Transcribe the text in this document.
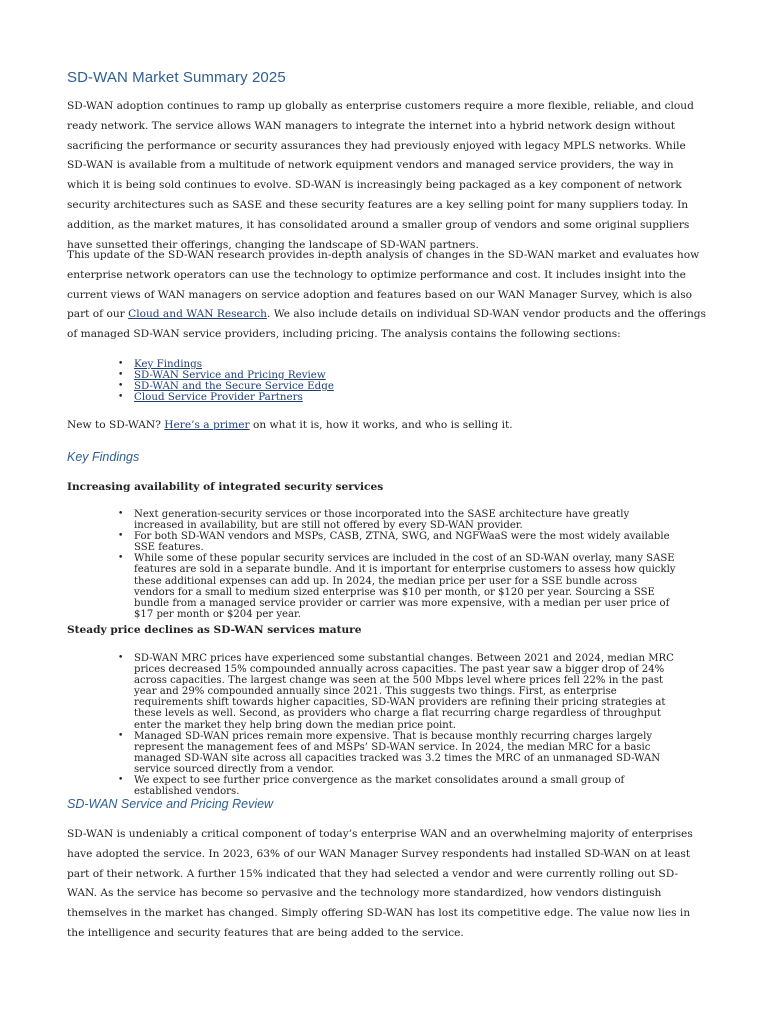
SD-WAN Market Summary 2025

SD-WAN adoption continues to ramp up globally as enterprise customers require a more flexible, reliable, and cloud ready network. The service allows WAN managers to integrate the internet into a hybrid network design without sacrificing the performance or security assurances they had previously enjoyed with legacy MPLS networks. While SD-WAN is available from a multitude of network equipment vendors and managed service providers, the way in which it is being sold continues to evolve. SD-WAN is increasingly being packaged as a key component of network security architectures such as SASE and these security features are a key selling point for many suppliers today. In addition, as the market matures, it has consolidated around a smaller group of vendors and some original suppliers have sunsetted their offerings, changing the landscape of SD-WAN partners.

This update of the SD-WAN research provides in-depth analysis of changes in the SD-WAN market and evaluates how enterprise network operators can use the technology to optimize performance and cost. It includes insight into the current views of WAN managers on service adoption and features based on our WAN Manager Survey, which is also part of our Cloud and WAN Research. We also include details on individual SD-WAN vendor products and the offerings of managed SD-WAN service providers, including pricing. The analysis contains the following sections:

• Key Findings
• SD-WAN Service and Pricing Review
• SD-WAN and the Secure Service Edge
• Cloud Service Provider Partners

New to SD-WAN? Here’s a primer on what it is, how it works, and who is selling it.

Key Findings
Increasing availability of integrated security services
• Next generation-security services or those incorporated into the SASE architecture have greatly increased in availability, but are still not offered by every SD-WAN provider.
• For both SD-WAN vendors and MSPs, CASB, ZTNA, SWG, and NGFWaaS were the most widely available SSE features.
• While some of these popular security services are included in the cost of an SD-WAN overlay, many SASE features are sold in a separate bundle. And it is important for enterprise customers to assess how quickly these additional expenses can add up. In 2024, the median price per user for a SSE bundle across vendors for a small to medium sized enterprise was $10 per month, or $120 per year. Sourcing a SSE bundle from a managed service provider or carrier was more expensive, with a median per user price of $17 per month or $204 per year.
Steady price declines as SD-WAN services mature
• SD-WAN MRC prices have experienced some substantial changes. Between 2021 and 2024, median MRC prices decreased 15% compounded annually across capacities. The past year saw a bigger drop of 24% across capacities. The largest change was seen at the 500 Mbps level where prices fell 22% in the past year and 29% compounded annually since 2021. This suggests two things. First, as enterprise requirements shift towards higher capacities, SD-WAN providers are refining their pricing strategies at these levels as well. Second, as providers who charge a flat recurring charge regardless of throughput enter the market they help bring down the median price point.
• Managed SD-WAN prices remain more expensive. That is because monthly recurring charges largely represent the management fees of and MSPs’ SD-WAN service. In 2024, the median MRC for a basic managed SD-WAN site across all capacities tracked was 3.2 times the MRC of an unmanaged SD-WAN service sourced directly from a vendor.
• We expect to see further price convergence as the market consolidates around a small group of established vendors.
SD-WAN Service and Pricing Review

SD-WAN is undeniably a critical component of today’s enterprise WAN and an overwhelming majority of enterprises have adopted the service. In 2023, 63% of our WAN Manager Survey respondents had installed SD-WAN on at least part of their network. A further 15% indicated that they had selected a vendor and were currently rolling out SD-WAN. As the service has become so pervasive and the technology more standardized, how vendors distinguish themselves in the market has changed. Simply offering SD-WAN has lost its competitive edge. The value now lies in the intelligence and security features that are being added to the service.
